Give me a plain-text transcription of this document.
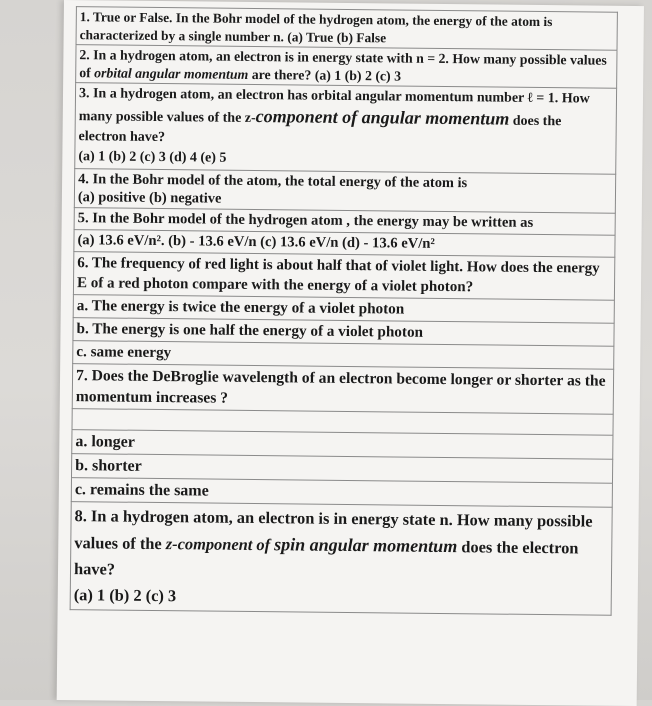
1. True or False. In the Bohr model of the hydrogen atom, the energy of the atom is characterized by a single number n. (a) True (b) False
2. In a hydrogen atom, an electron is in energy state with n = 2. How many possible values of orbital angular momentum are there? (a) 1 (b) 2 (c) 3
3. In a hydrogen atom, an electron has orbital angular momentum number ℓ = 1. How many possible values of the z-component of angular momentum does the electron have?
(a) 1 (b) 2 (c) 3 (d) 4 (e) 5
4. In the Bohr model of the atom, the total energy of the atom is
(a) positive (b) negative
5. In the Bohr model of the hydrogen atom , the energy may be written as
(a) 13.6 eV/n². (b) - 13.6 eV/n (c) 13.6 eV/n (d) - 13.6 eV/n²
6. The frequency of red light is about half that of violet light. How does the energy E of a red photon compare with the energy of a violet photon?
a. The energy is twice the energy of a violet photon
b. The energy is one half the energy of a violet photon
c. same energy
7. Does the DeBroglie wavelength of an electron become longer or shorter as the momentum increases ?

a. longer
b. shorter
c. remains the same
8. In a hydrogen atom, an electron is in energy state n. How many possible values of the z-component of spin angular momentum does the electron have?
(a) 1 (b) 2 (c) 3
